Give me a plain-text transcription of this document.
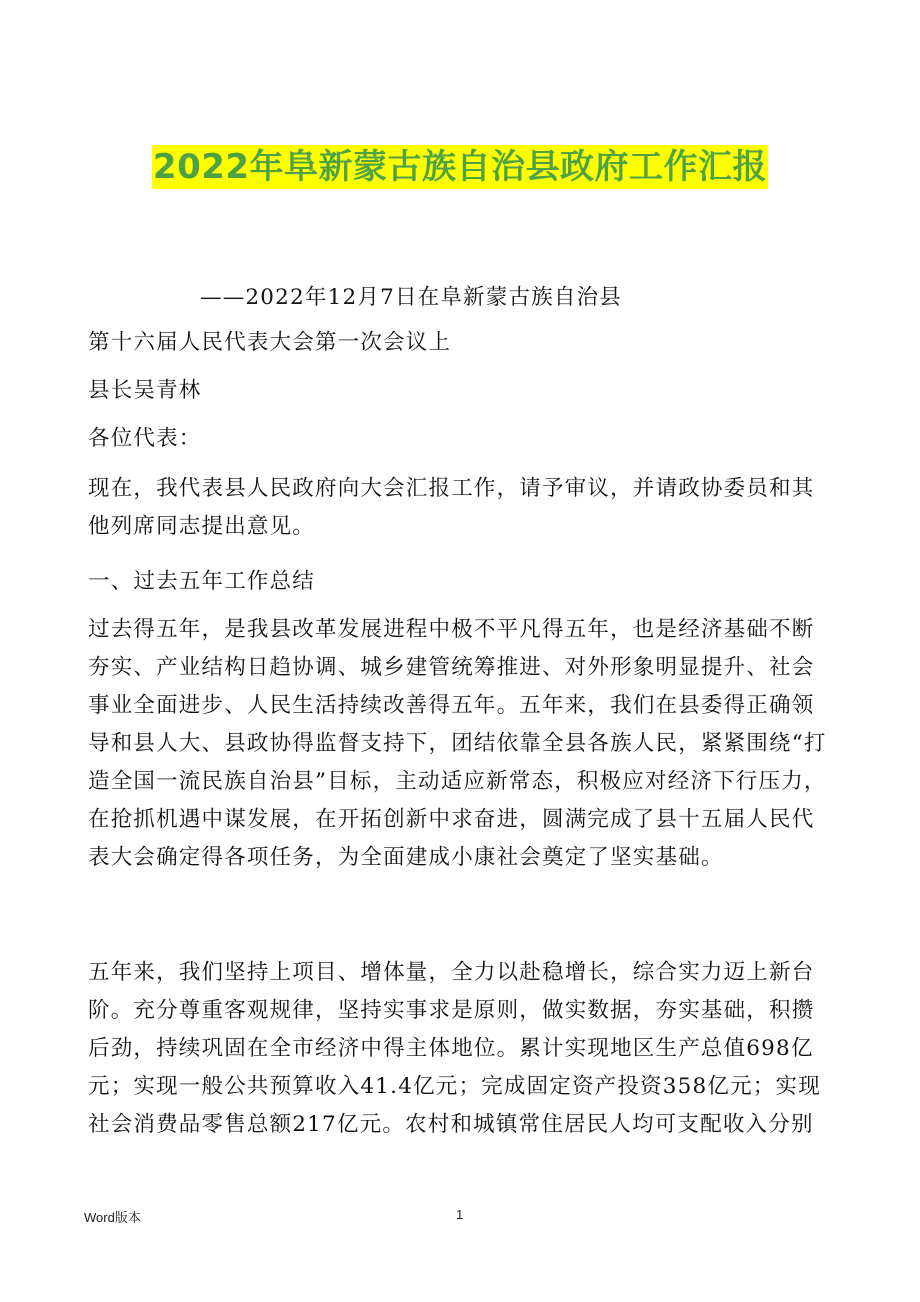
2022年阜新蒙古族自治县政府工作汇报
——2022年12月7日在阜新蒙古族自治县
第十六届人民代表大会第一次会议上
县长吴青林
各位代表：
现在，我代表县人民政府向大会汇报工作，请予审议，并请政协委员和其
他列席同志提出意见。
一、过去五年工作总结
过去得五年，是我县改革发展进程中极不平凡得五年，也是经济基础不断
夯实、产业结构日趋协调、城乡建管统筹推进、对外形象明显提升、社会
事业全面进步、人民生活持续改善得五年。五年来，我们在县委得正确领
导和县人大、县政协得监督支持下，团结依靠全县各族人民，紧紧围绕“打
造全国一流民族自治县”目标，主动适应新常态，积极应对经济下行压力，
在抢抓机遇中谋发展，在开拓创新中求奋进，圆满完成了县十五届人民代
表大会确定得各项任务，为全面建成小康社会奠定了坚实基础。
五年来，我们坚持上项目、增体量，全力以赴稳增长，综合实力迈上新台
阶。充分尊重客观规律，坚持实事求是原则，做实数据，夯实基础，积攒
后劲，持续巩固在全市经济中得主体地位。累计实现地区生产总值698亿
元；实现一般公共预算收入41.4亿元；完成固定资产投资358亿元；实现
社会消费品零售总额217亿元。农村和城镇常住居民人均可支配收入分别
Word版本	1
